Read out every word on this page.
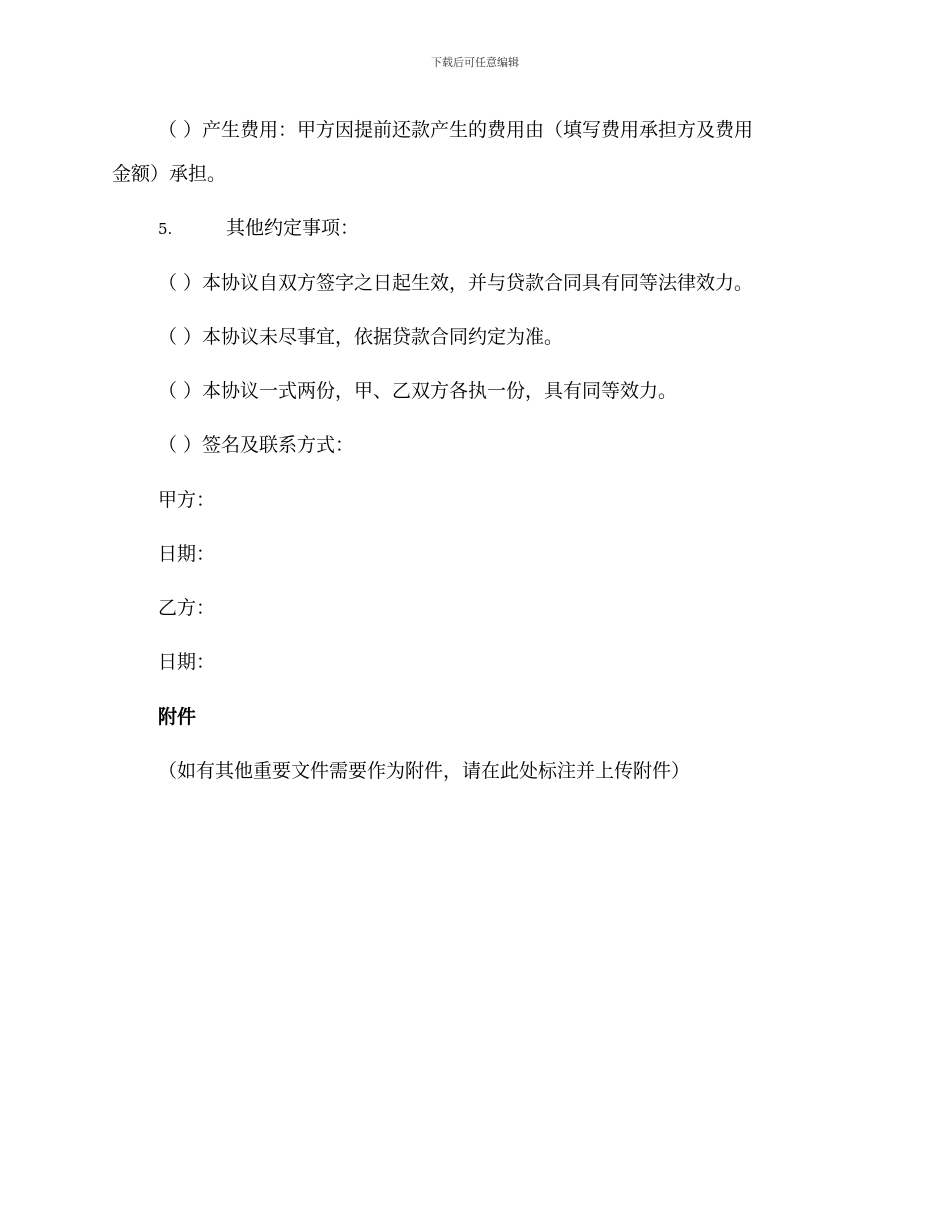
下载后可任意编辑
（ ）产生费用：甲方因提前还款产生的费用由（填写费用承担方及费用
金额）承担。
5.	其他约定事项：
（ ）本协议自双方签字之日起生效，并与贷款合同具有同等法律效力。
（ ）本协议未尽事宜，依据贷款合同约定为准。
（ ）本协议一式两份，甲、乙双方各执一份，具有同等效力。
（ ）签名及联系方式：
甲方：
日期：
乙方：
日期：
附件
（如有其他重要文件需要作为附件，请在此处标注并上传附件）
